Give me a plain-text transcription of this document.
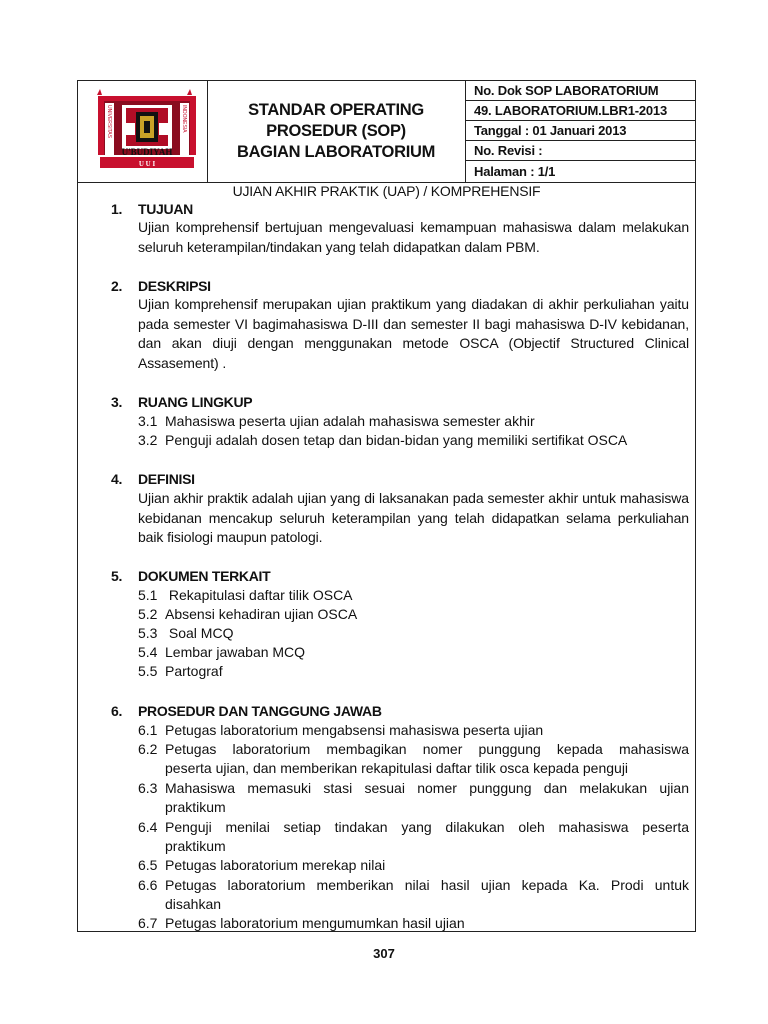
U'BUDIYAH
U U I
UNIVERSITAS	INDONESIA	STANDAR OPERATING
PROSEDUR (SOP)
BAGIAN LABORATORIUM
No. Dok SOP LABORATORIUM
49. LABORATORIUM.LBR1-2013
Tanggal : 01 Januari 2013
No. Revisi :
Halaman : 1/1
UJIAN AKHIR PRAKTIK (UAP) / KOMPREHENSIF
1. TUJUAN
Ujian komprehensif bertujuan mengevaluasi kemampuan mahasiswa dalam melakukan seluruh keterampilan/tindakan yang telah didapatkan dalam PBM.
2. DESKRIPSI
Ujian komprehensif merupakan ujian praktikum yang diadakan di akhir perkuliahan yaitu pada semester VI bagimahasiswa D-III dan semester II bagi mahasiswa D-IV kebidanan, dan akan diuji dengan menggunakan metode OSCA (Objectif Structured Clinical Assasement) .
3. RUANG LINGKUP
3.1 Mahasiswa peserta ujian adalah mahasiswa semester akhir
3.2 Penguji adalah dosen tetap dan bidan-bidan yang memiliki sertifikat OSCA
4. DEFINISI
Ujian akhir praktik adalah ujian yang di laksanakan pada semester akhir untuk mahasiswa kebidanan mencakup seluruh keterampilan yang telah didapatkan selama perkuliahan baik fisiologi maupun patologi.
5. DOKUMEN TERKAIT
5.1 Rekapitulasi daftar tilik OSCA
5.2 Absensi kehadiran ujian OSCA
5.3 Soal MCQ
5.4 Lembar jawaban MCQ
5.5 Partograf
6. PROSEDUR DAN TANGGUNG JAWAB
6.1 Petugas laboratorium mengabsensi mahasiswa peserta ujian
6.2 Petugas laboratorium membagikan nomer punggung kepada mahasiswa
peserta ujian, dan memberikan rekapitulasi daftar tilik osca kepada penguji
6.3 Mahasiswa memasuki stasi sesuai nomer punggung dan melakukan ujian
praktikum
6.4 Penguji menilai setiap tindakan yang dilakukan oleh mahasiswa peserta
praktikum
6.5 Petugas laboratorium merekap nilai
6.6 Petugas laboratorium memberikan nilai hasil ujian kepada Ka. Prodi untuk
disahkan
6.7 Petugas laboratorium mengumumkan hasil ujian
307
